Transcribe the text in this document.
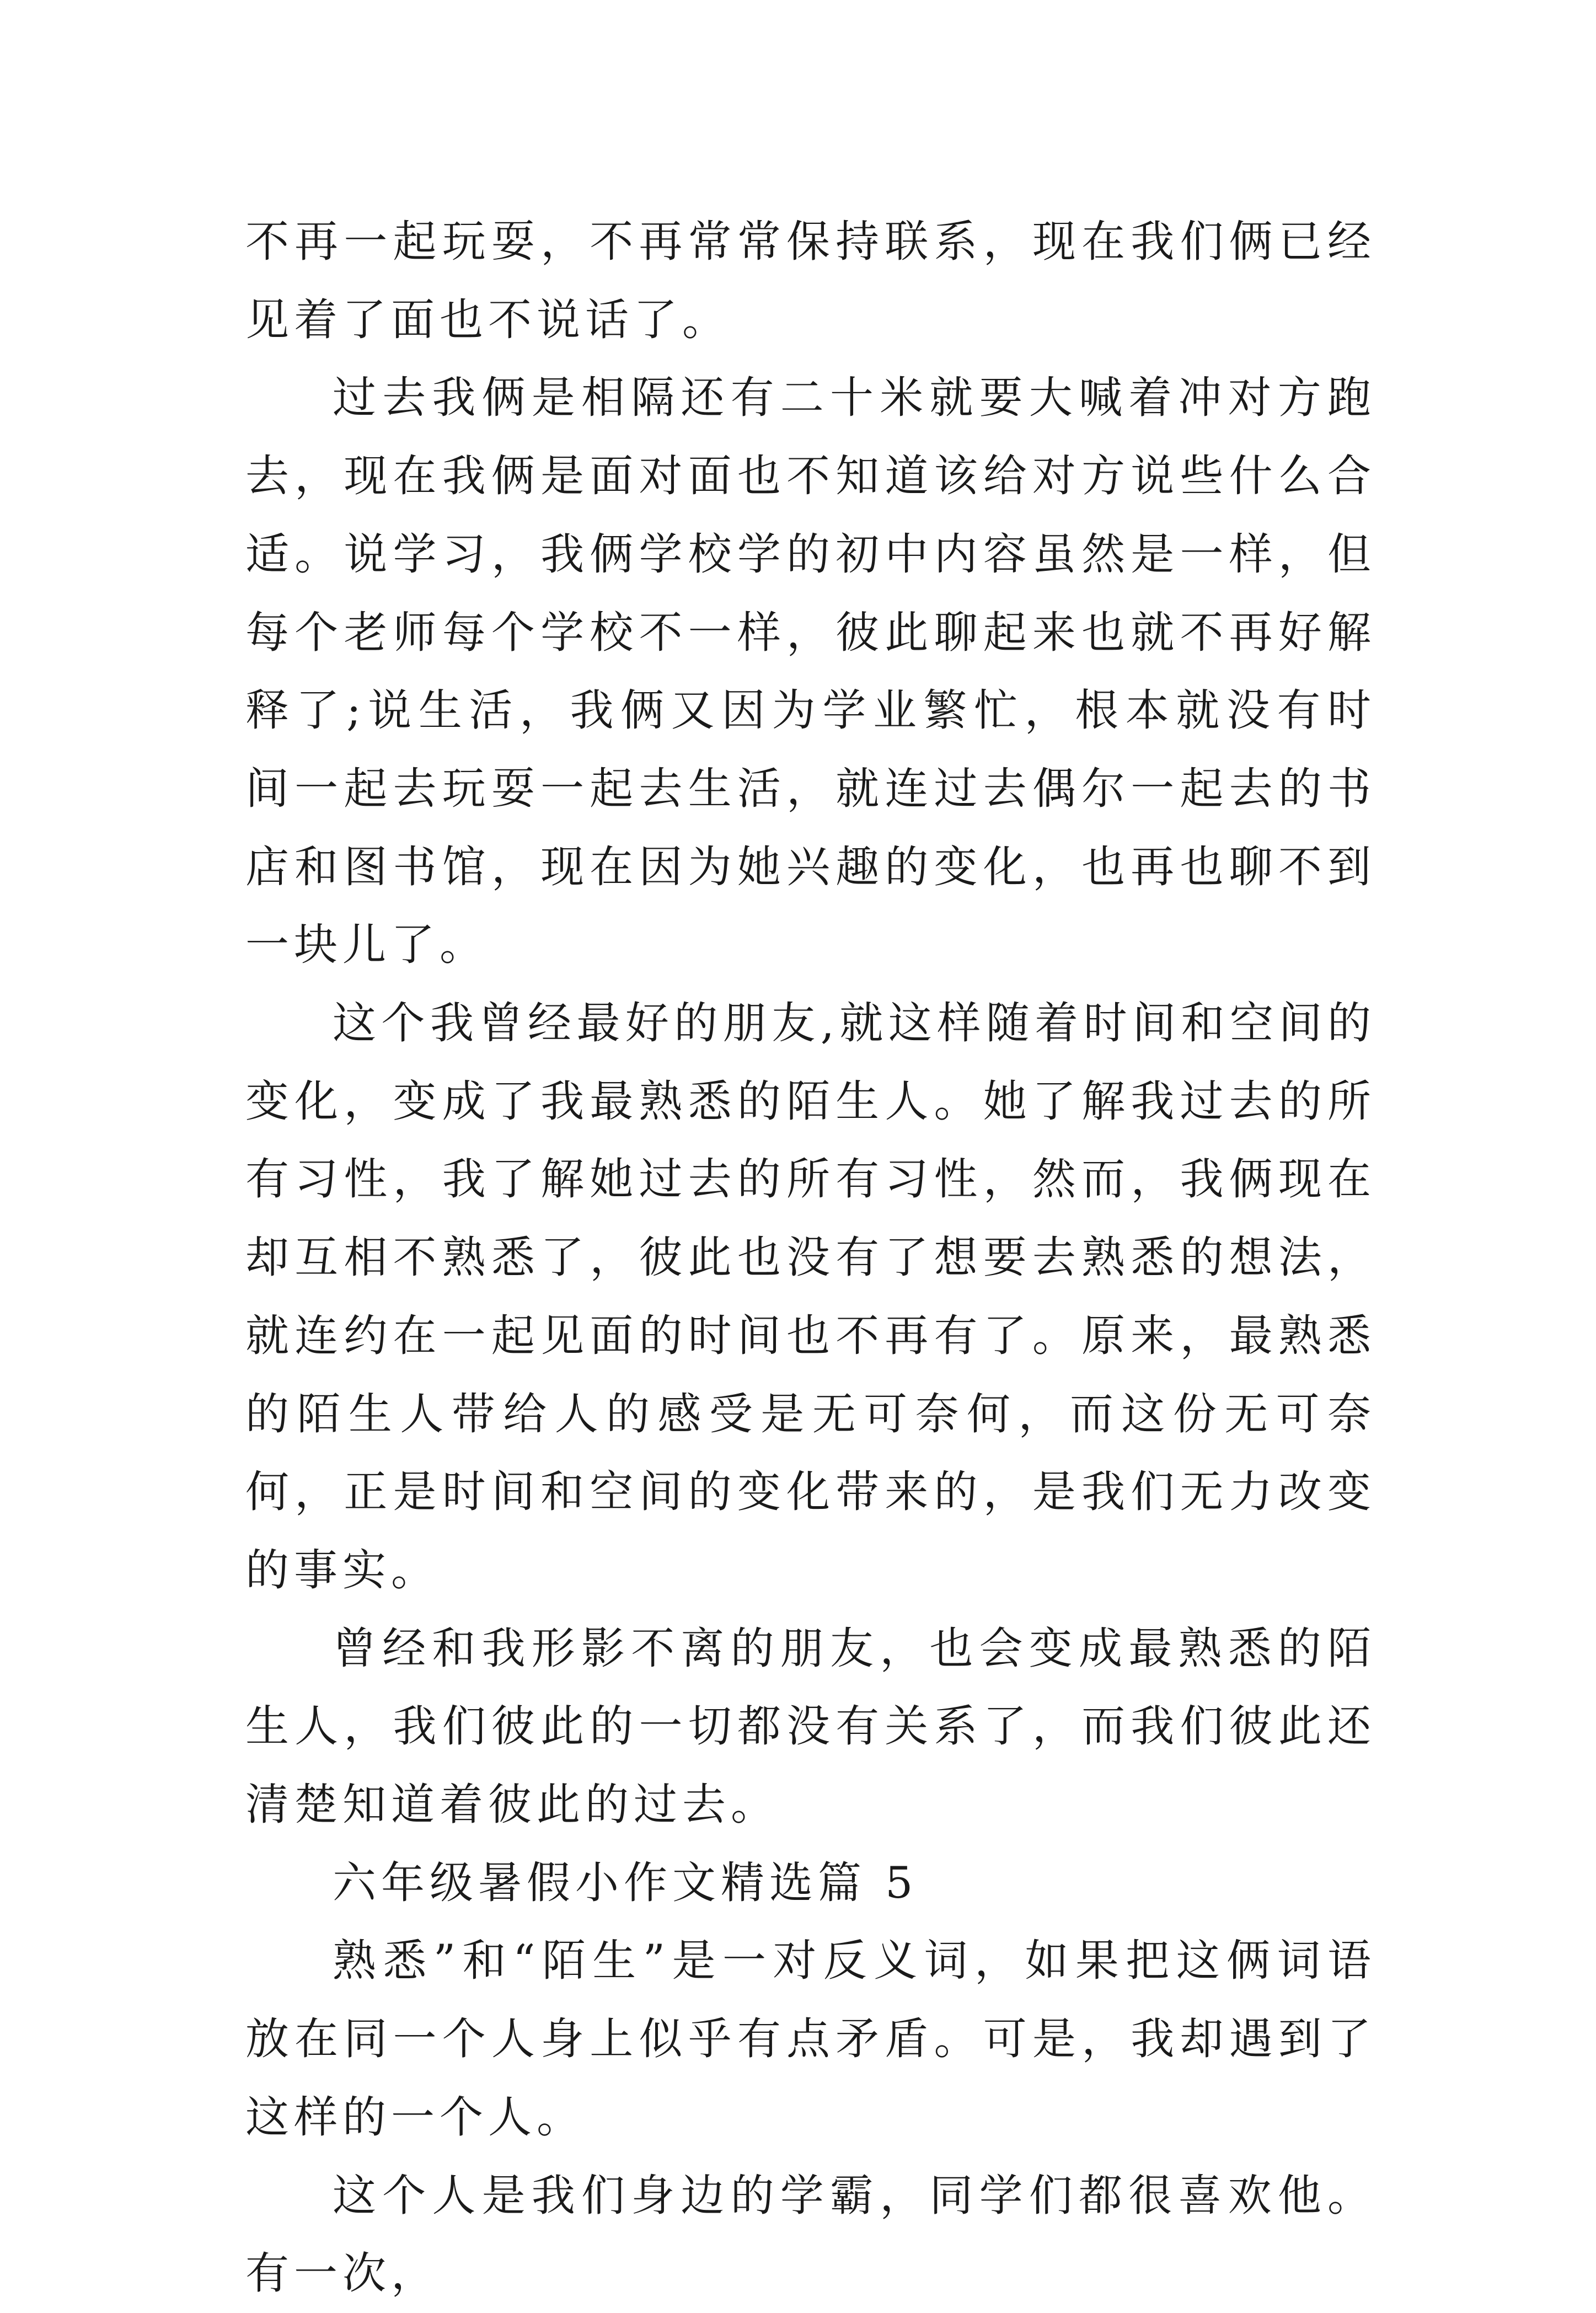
不再一起玩耍，不再常常保持联系，现在我们俩已经见着了面也不说话了。

过去我俩是相隔还有二十米就要大喊着冲对方跑去，现在我俩是面对面也不知道该给对方说些什么合适。说学习，我俩学校学的初中内容虽然是一样，但每个老师每个学校不一样，彼此聊起来也就不再好解释了;说生活，我俩又因为学业繁忙，根本就没有时间一起去玩耍一起去生活，就连过去偶尔一起去的书店和图书馆，现在因为她兴趣的变化，也再也聊不到一块儿了。

这个我曾经最好的朋友,就这样随着时间和空间的变化，变成了我最熟悉的陌生人。她了解我过去的所有习性，我了解她过去的所有习性，然而，我俩现在却互相不熟悉了，彼此也没有了想要去熟悉的想法，就连约在一起见面的时间也不再有了。原来，最熟悉的陌生人带给人的感受是无可奈何，而这份无可奈何，正是时间和空间的变化带来的，是我们无力改变的事实。

曾经和我形影不离的朋友，也会变成最熟悉的陌生人，我们彼此的一切都没有关系了，而我们彼此还清楚知道着彼此的过去。

六年级暑假小作文精选篇 5

熟悉”和“陌生”是一对反义词，如果把这俩词语放在同一个人身上似乎有点矛盾。可是，我却遇到了这样的一个人。

这个人是我们身边的学霸，同学们都很喜欢他。有一次，
